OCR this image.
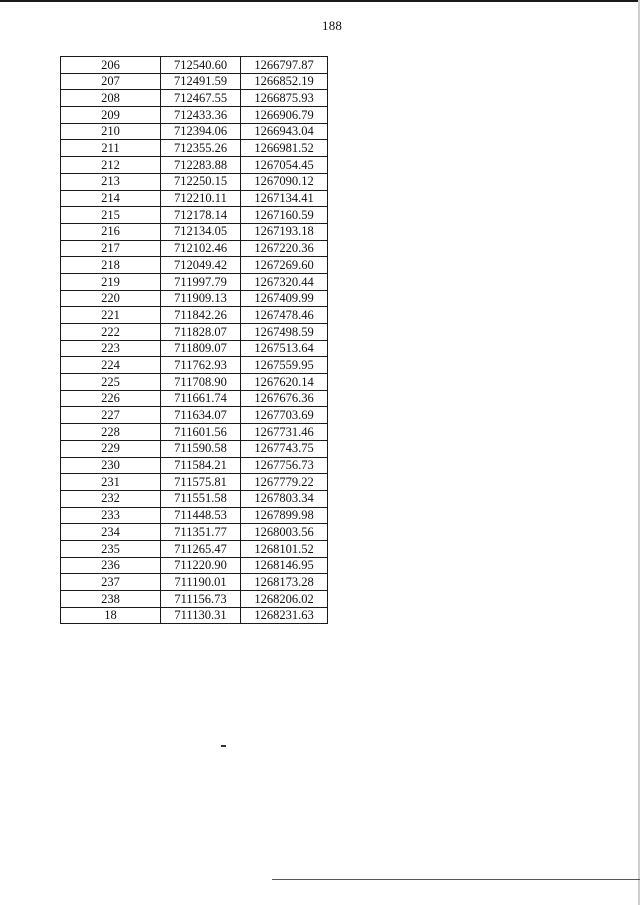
188
206	712540.60	1266797.87
207	712491.59	1266852.19
208	712467.55	1266875.93
209	712433.36	1266906.79
210	712394.06	1266943.04
211	712355.26	1266981.52
212	712283.88	1267054.45
213	712250.15	1267090.12
214	712210.11	1267134.41
215	712178.14	1267160.59
216	712134.05	1267193.18
217	712102.46	1267220.36
218	712049.42	1267269.60
219	711997.79	1267320.44
220	711909.13	1267409.99
221	711842.26	1267478.46
222	711828.07	1267498.59
223	711809.07	1267513.64
224	711762.93	1267559.95
225	711708.90	1267620.14
226	711661.74	1267676.36
227	711634.07	1267703.69
228	711601.56	1267731.46
229	711590.58	1267743.75
230	711584.21	1267756.73
231	711575.81	1267779.22
232	711551.58	1267803.34
233	711448.53	1267899.98
234	711351.77	1268003.56
235	711265.47	1268101.52
236	711220.90	1268146.95
237	711190.01	1268173.28
238	711156.73	1268206.02
18	711130.31	1268231.63
